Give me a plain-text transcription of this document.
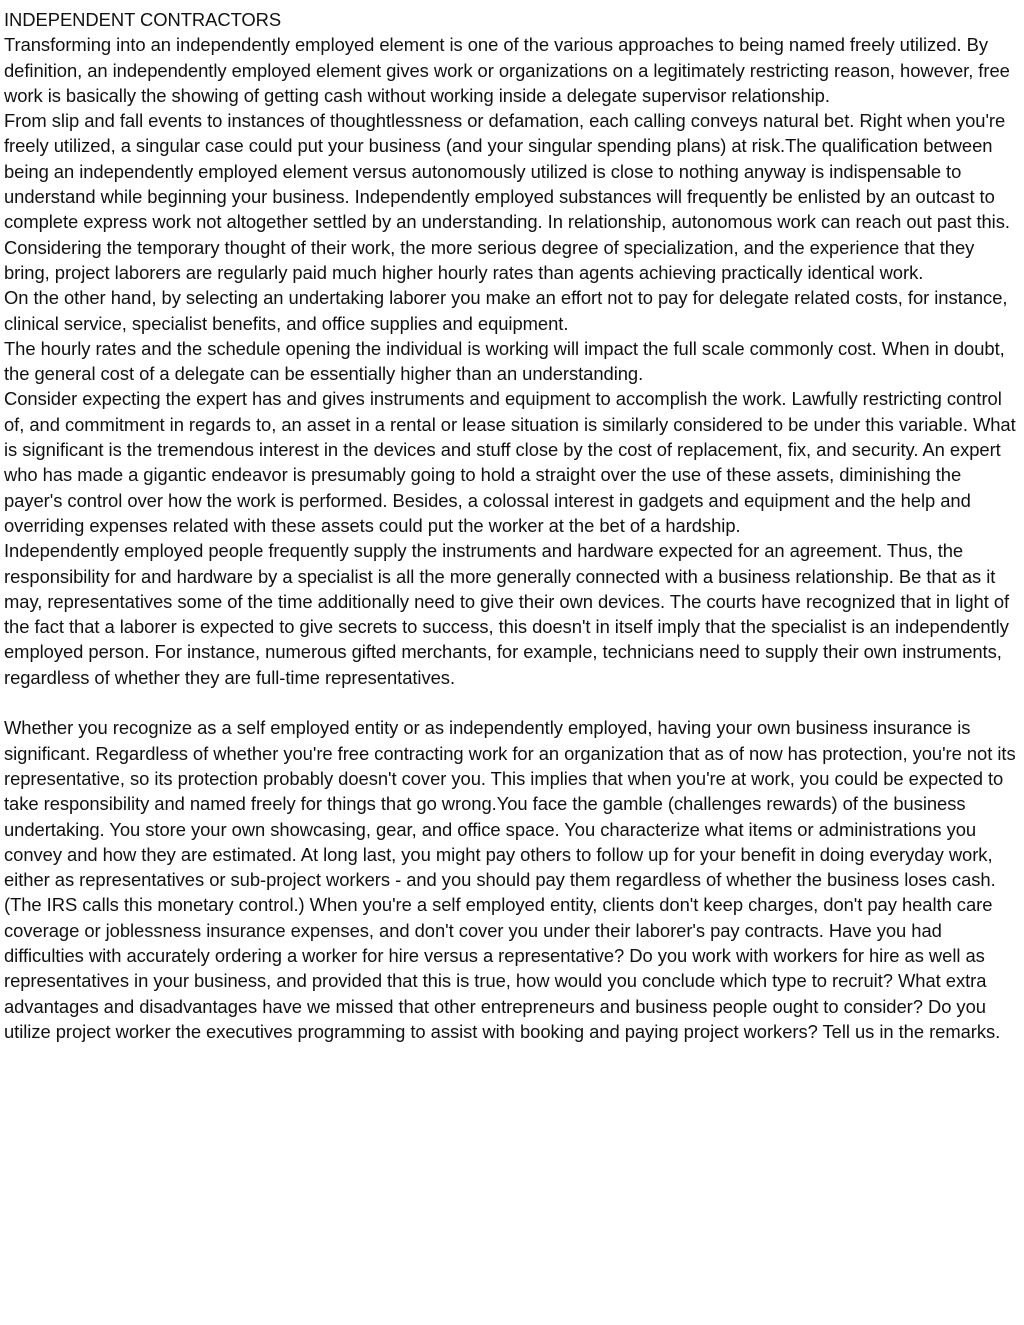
INDEPENDENT CONTRACTORS

Transforming into an independently employed element is one of the various approaches to being named freely utilized. By definition, an independently employed element gives work or organizations on a legitimately restricting reason, however, free work is basically the showing of getting cash without working inside a delegate supervisor relationship.

From slip and fall events to instances of thoughtlessness or defamation, each calling conveys natural bet. Right when you're freely utilized, a singular case could put your business (and your singular spending plans) at risk.The qualification between being an independently employed element versus autonomously utilized is close to nothing anyway is indispensable to understand while beginning your business. Independently employed substances will frequently be enlisted by an outcast to complete express work not altogether settled by an understanding. In relationship, autonomous work can reach out past this.

Considering the temporary thought of their work, the more serious degree of specialization, and the experience that they bring, project laborers are regularly paid much higher hourly rates than agents achieving practically identical work.

On the other hand, by selecting an undertaking laborer you make an effort not to pay for delegate related costs, for instance, clinical service, specialist benefits, and office supplies and equipment.

The hourly rates and the schedule opening the individual is working will impact the full scale commonly cost. When in doubt, the general cost of a delegate can be essentially higher than an understanding.

Consider expecting the expert has and gives instruments and equipment to accomplish the work. Lawfully restricting control of, and commitment in regards to, an asset in a rental or lease situation is similarly considered to be under this variable. What is significant is the tremendous interest in the devices and stuff close by the cost of replacement, fix, and security. An expert who has made a gigantic endeavor is presumably going to hold a straight over the use of these assets, diminishing the payer's control over how the work is performed. Besides, a colossal interest in gadgets and equipment and the help and overriding expenses related with these assets could put the worker at the bet of a hardship.

Independently employed people frequently supply the instruments and hardware expected for an agreement. Thus, the responsibility for and hardware by a specialist is all the more generally connected with a business relationship. Be that as it may, representatives some of the time additionally need to give their own devices. The courts have recognized that in light of the fact that a laborer is expected to give secrets to success, this doesn't in itself imply that the specialist is an independently employed person. For instance, numerous gifted merchants, for example, technicians need to supply their own instruments, regardless of whether they are full-time representatives.

Whether you recognize as a self employed entity or as independently employed, having your own business insurance is significant. Regardless of whether you're free contracting work for an organization that as of now has protection, you're not its representative, so its protection probably doesn't cover you. This implies that when you're at work, you could be expected to take responsibility and named freely for things that go wrong.You face the gamble (challenges rewards) of the business undertaking. You store your own showcasing, gear, and office space. You characterize what items or administrations you convey and how they are estimated. At long last, you might pay others to follow up for your benefit in doing everyday work, either as representatives or sub-project workers - and you should pay them regardless of whether the business loses cash. (The IRS calls this monetary control.) When you're a self employed entity, clients don't keep charges, don't pay health care coverage or joblessness insurance expenses, and don't cover you under their laborer's pay contracts. Have you had difficulties with accurately ordering a worker for hire versus a representative? Do you work with workers for hire as well as representatives in your business, and provided that this is true, how would you conclude which type to recruit? What extra advantages and disadvantages have we missed that other entrepreneurs and business people ought to consider? Do you utilize project worker the executives programming to assist with booking and paying project workers? Tell us in the remarks.
